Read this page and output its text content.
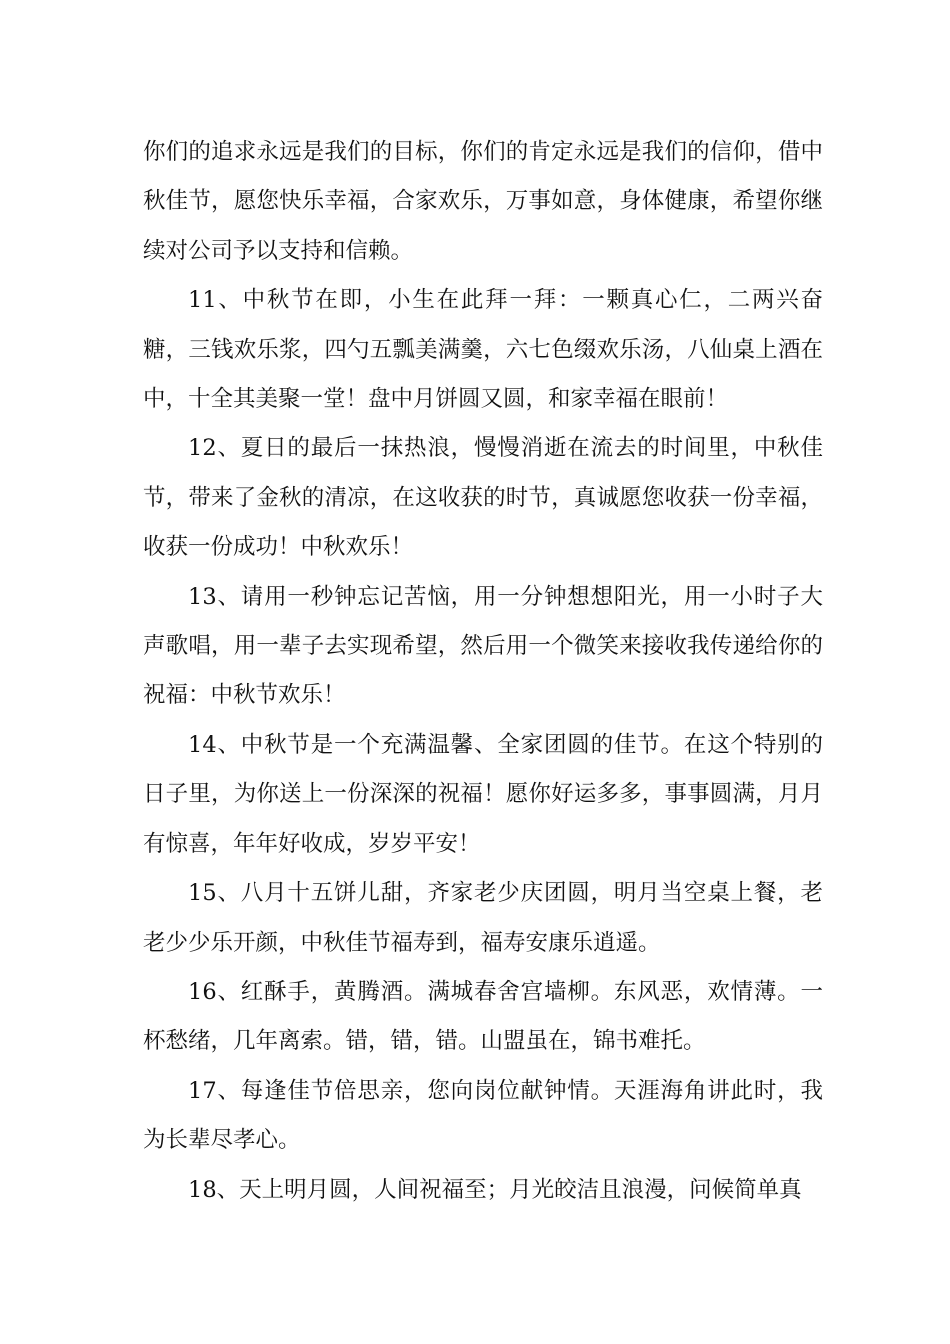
你们的追求永远是我们的目标，你们的肯定永远是我们的信仰，借中秋佳节，愿您快乐幸福，合家欢乐，万事如意，身体健康，希望你继续对公司予以支持和信赖。

11、中秋节在即，小生在此拜一拜：一颗真心仁，二两兴奋糖，三钱欢乐浆，四勺五瓢美满羹，六七色缀欢乐汤，八仙桌上酒在中，十全其美聚一堂！盘中月饼圆又圆，和家幸福在眼前！

12、夏日的最后一抹热浪，慢慢消逝在流去的时间里，中秋佳节，带来了金秋的清凉，在这收获的时节，真诚愿您收获一份幸福，收获一份成功！中秋欢乐！

13、请用一秒钟忘记苦恼，用一分钟想想阳光，用一小时子大声歌唱，用一辈子去实现希望，然后用一个微笑来接收我传递给你的祝福：中秋节欢乐！

14、中秋节是一个充满温馨、全家团圆的佳节。在这个特别的日子里，为你送上一份深深的祝福！愿你好运多多，事事圆满，月月有惊喜，年年好收成，岁岁平安！

15、八月十五饼儿甜，齐家老少庆团圆，明月当空桌上餐，老老少少乐开颜，中秋佳节福寿到，福寿安康乐逍遥。

16、红酥手，黄腾酒。满城春舍宫墙柳。东风恶，欢情薄。一杯愁绪，几年离索。错，错，错。山盟虽在，锦书难托。

17、每逢佳节倍思亲，您向岗位献钟情。天涯海角讲此时，我为长辈尽孝心。

18、天上明月圆，人间祝福至；月光皎洁且浪漫，问候简单真
